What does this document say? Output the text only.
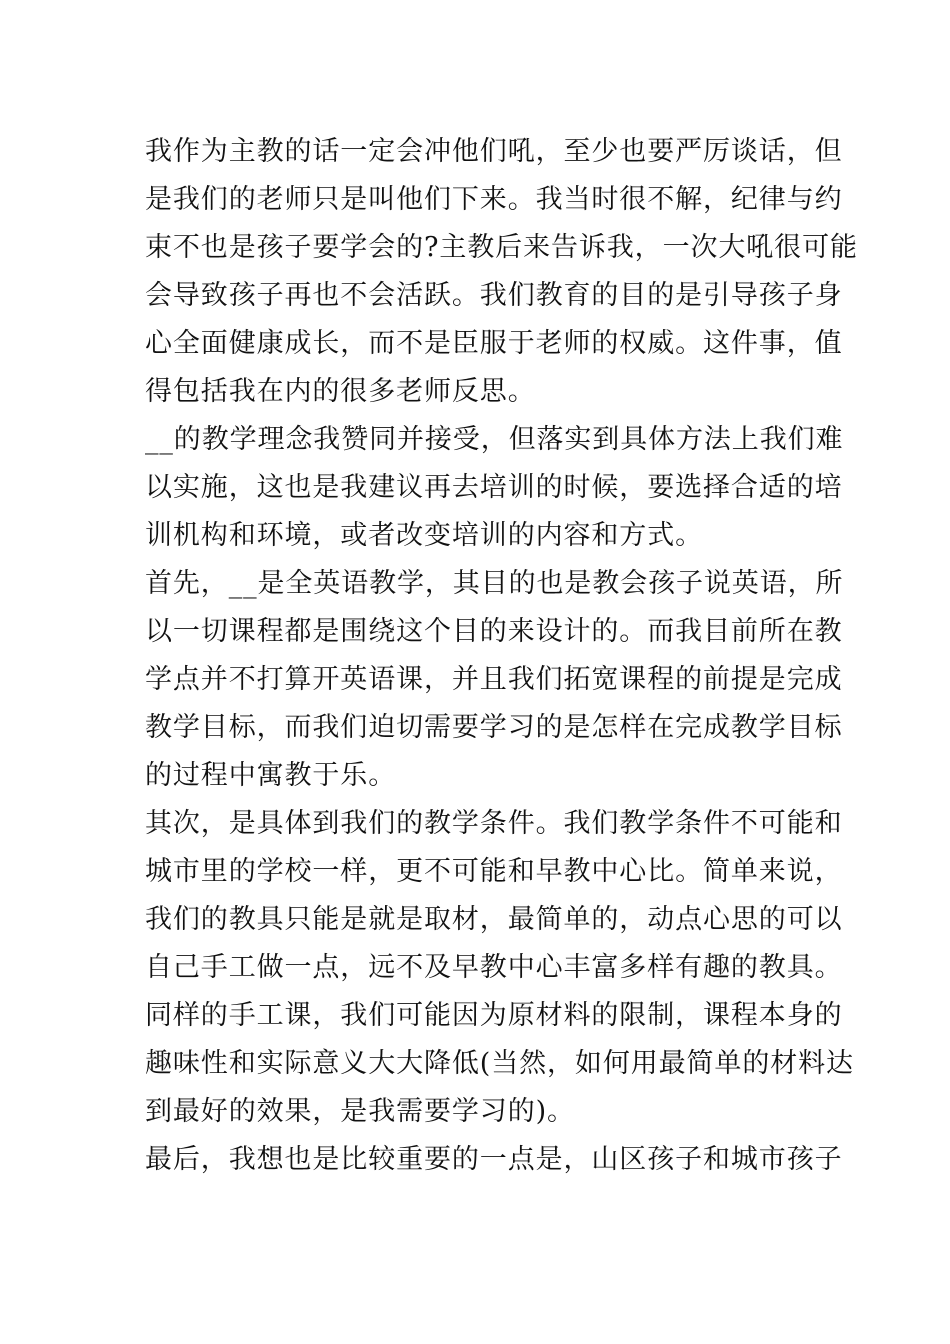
我作为主教的话一定会冲他们吼，至少也要严厉谈话，但

是我们的老师只是叫他们下来。我当时很不解，纪律与约

束不也是孩子要学会的?主教后来告诉我，一次大吼很可能

会导致孩子再也不会活跃。我们教育的目的是引导孩子身

心全面健康成长，而不是臣服于老师的权威。这件事，值

得包括我在内的很多老师反思。

__的教学理念我赞同并接受，但落实到具体方法上我们难

以实施，这也是我建议再去培训的时候，要选择合适的培

训机构和环境，或者改变培训的内容和方式。

首先，__是全英语教学，其目的也是教会孩子说英语，所

以一切课程都是围绕这个目的来设计的。而我目前所在教

学点并不打算开英语课，并且我们拓宽课程的前提是完成

教学目标，而我们迫切需要学习的是怎样在完成教学目标

的过程中寓教于乐。

其次，是具体到我们的教学条件。我们教学条件不可能和

城市里的学校一样，更不可能和早教中心比。简单来说，

我们的教具只能是就是取材，最简单的，动点心思的可以

自己手工做一点，远不及早教中心丰富多样有趣的教具。

同样的手工课，我们可能因为原材料的限制，课程本身的

趣味性和实际意义大大降低(当然，如何用最简单的材料达

到最好的效果，是我需要学习的)。

最后，我想也是比较重要的一点是，山区孩子和城市孩子
